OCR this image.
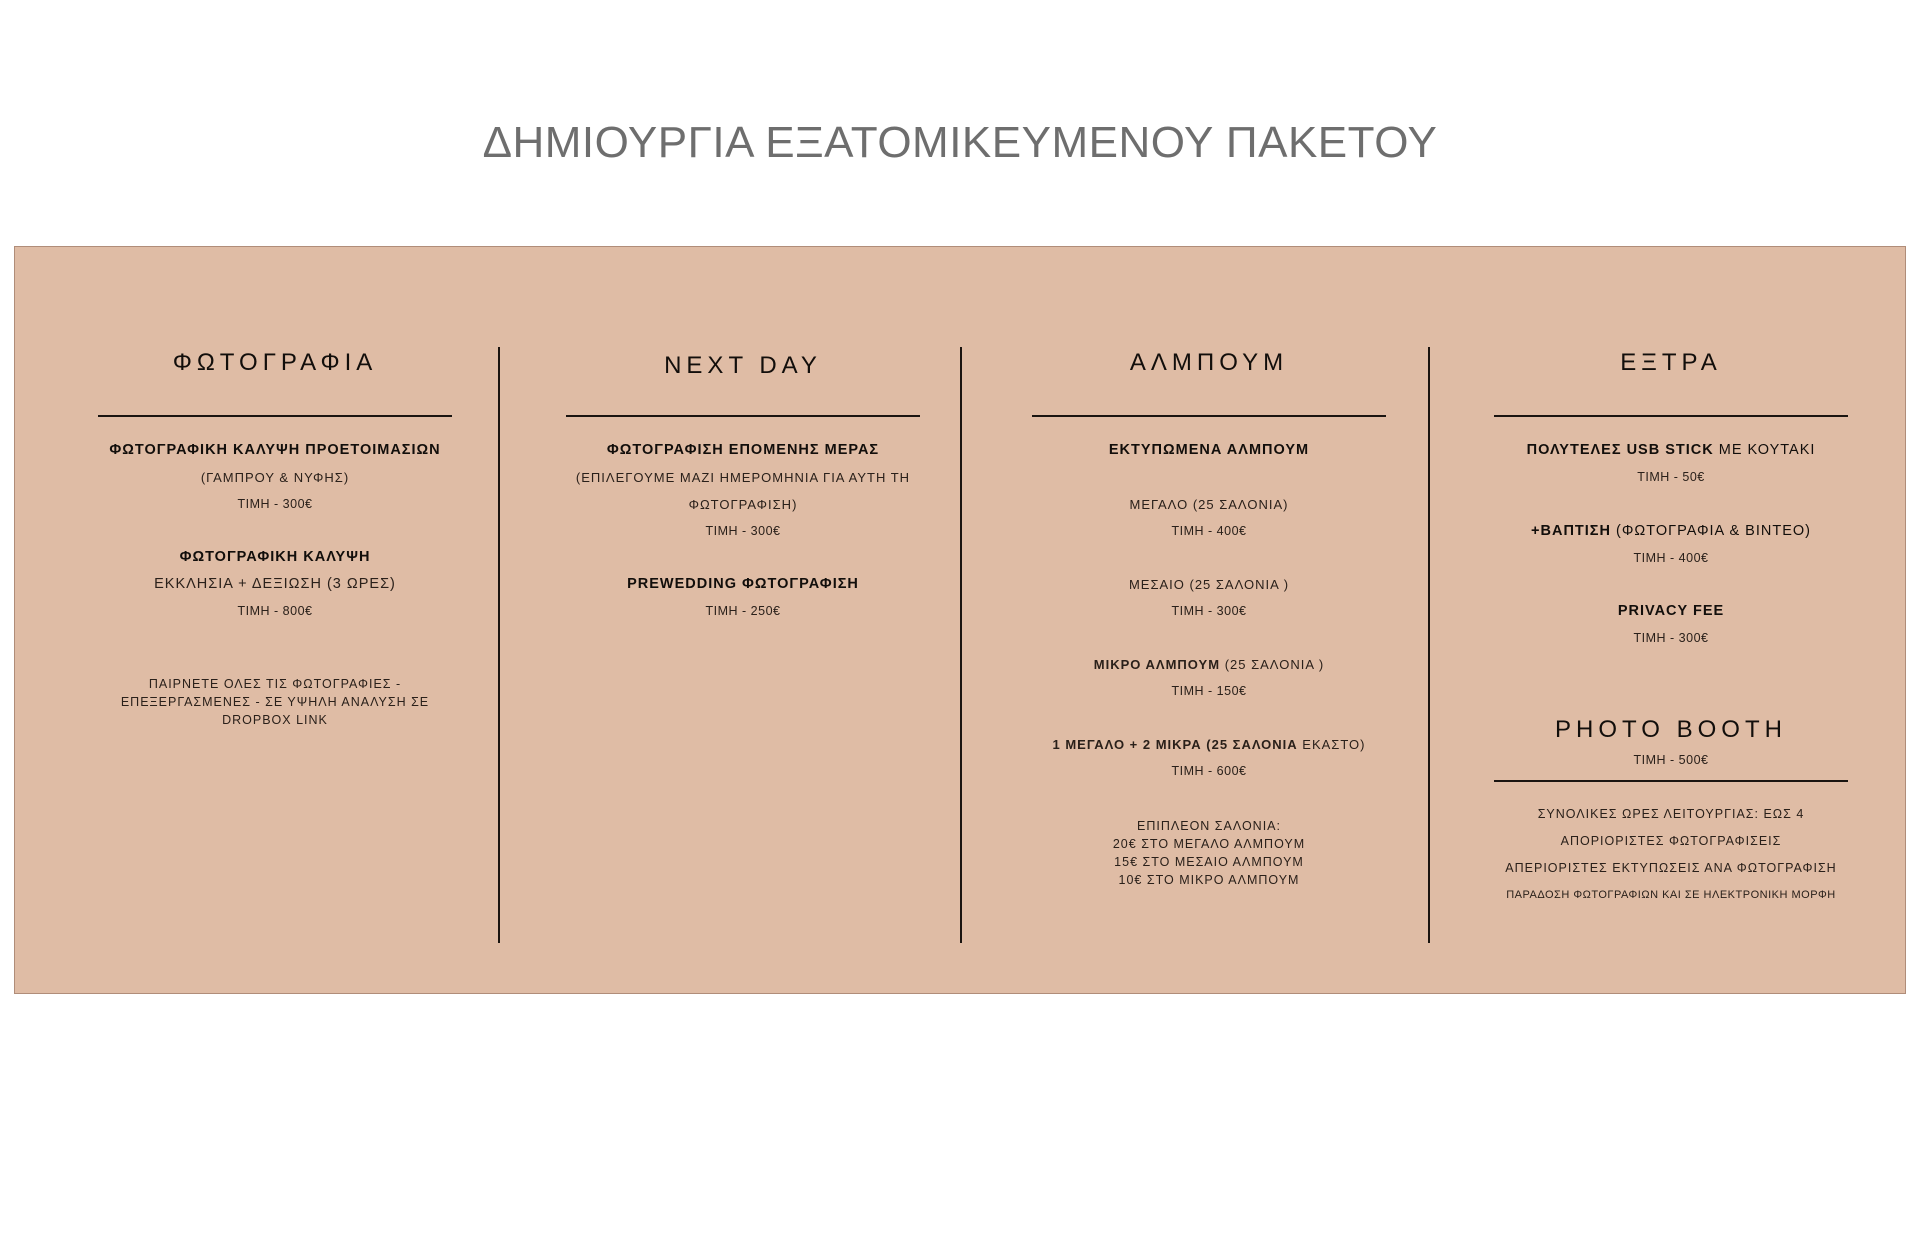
ΔΗΜΙΟΥΡΓΙΑ ΕΞΑΤΟΜΙΚΕΥΜΕΝΟΥ ΠΑΚΕΤΟΥ
ΦΩΤΟΓΡΑΦΙΑ
ΦΩΤΟΓΡΑΦΙΚΗ ΚΑΛΥΨΗ ΠΡΟΕΤΟΙΜΑΣΙΩΝ
(ΓΑΜΠΡΟΥ & ΝΥΦΗΣ)
ΤΙΜΗ - 300€
ΦΩΤΟΓΡΑΦΙΚΗ ΚΑΛΥΨΗ
ΕΚΚΛΗΣΙΑ + ΔΕΞΙΩΣΗ (3 ΩΡΕΣ)
ΤΙΜΗ - 800€
ΠΑΙΡΝΕΤΕ ΟΛΕΣ ΤΙΣ ΦΩΤΟΓΡΑΦΙΕΣ -
ΕΠΕΞΕΡΓΑΣΜΕΝΕΣ - ΣΕ ΥΨΗΛΗ ΑΝΑΛΥΣΗ ΣΕ
DROPBOX LINK
NEXT DAY
ΦΩΤΟΓΡΑΦΙΣΗ ΕΠΟΜΕΝΗΣ ΜΕΡΑΣ
(ΕΠΙΛΕΓΟΥΜΕ ΜΑΖΙ ΗΜΕΡΟΜΗΝΙΑ ΓΙΑ ΑΥΤΗ ΤΗ
ΦΩΤΟΓΡΑΦΙΣΗ)
ΤΙΜΗ - 300€
PREWEDDING ΦΩΤΟΓΡΑΦΙΣΗ
ΤΙΜΗ - 250€
ΑΛΜΠΟΥΜ
ΕΚΤΥΠΩΜΕΝΑ ΑΛΜΠΟΥΜ
ΜΕΓΑΛΟ (25 ΣΑΛΟΝΙΑ)
ΤΙΜΗ - 400€
ΜΕΣΑΙΟ (25 ΣΑΛΟΝΙΑ )
ΤΙΜΗ - 300€
ΜΙΚΡΟ ΑΛΜΠΟΥΜ (25 ΣΑΛΟΝΙΑ )
ΤΙΜΗ - 150€
1 ΜΕΓΑΛΟ + 2 ΜΙΚΡΑ (25 ΣΑΛΟΝΙΑ ΕΚΑΣΤΟ)
ΤΙΜΗ - 600€
ΕΠΙΠΛΕΟΝ ΣΑΛΟΝΙΑ:
20€ ΣΤΟ ΜΕΓΑΛΟ ΑΛΜΠΟΥΜ
15€ ΣΤΟ ΜΕΣΑΙΟ ΑΛΜΠΟΥΜ
10€ ΣΤΟ ΜΙΚΡΟ ΑΛΜΠΟΥΜ
ΕΞΤΡΑ
ΠΟΛΥΤΕΛΕΣ USB STICK ΜΕ ΚΟΥΤΑΚΙ
ΤΙΜΗ - 50€
+ΒΑΠΤΙΣΗ (ΦΩΤΟΓΡΑΦΙΑ & ΒΙΝΤΕΟ)
ΤΙΜΗ - 400€
PRIVACY FEE
ΤΙΜΗ - 300€
PHOTO BOOTH
ΤΙΜΗ - 500€
ΣΥΝΟΛΙΚΕΣ ΩΡΕΣ ΛΕΙΤΟΥΡΓΙΑΣ: ΕΩΣ 4
ΑΠΟΡΙΟΡΙΣΤΕΣ ΦΩΤΟΓΡΑΦΙΣΕΙΣ
ΑΠΕΡΙΟΡΙΣΤΕΣ ΕΚΤΥΠΩΣΕΙΣ ΑΝΑ ΦΩΤΟΓΡΑΦΙΣΗ
ΠΑΡΑΔΟΣΗ ΦΩΤΟΓΡΑΦΙΩΝ ΚΑΙ ΣΕ ΗΛΕΚΤΡΟΝΙΚΗ ΜΟΡΦΗ
